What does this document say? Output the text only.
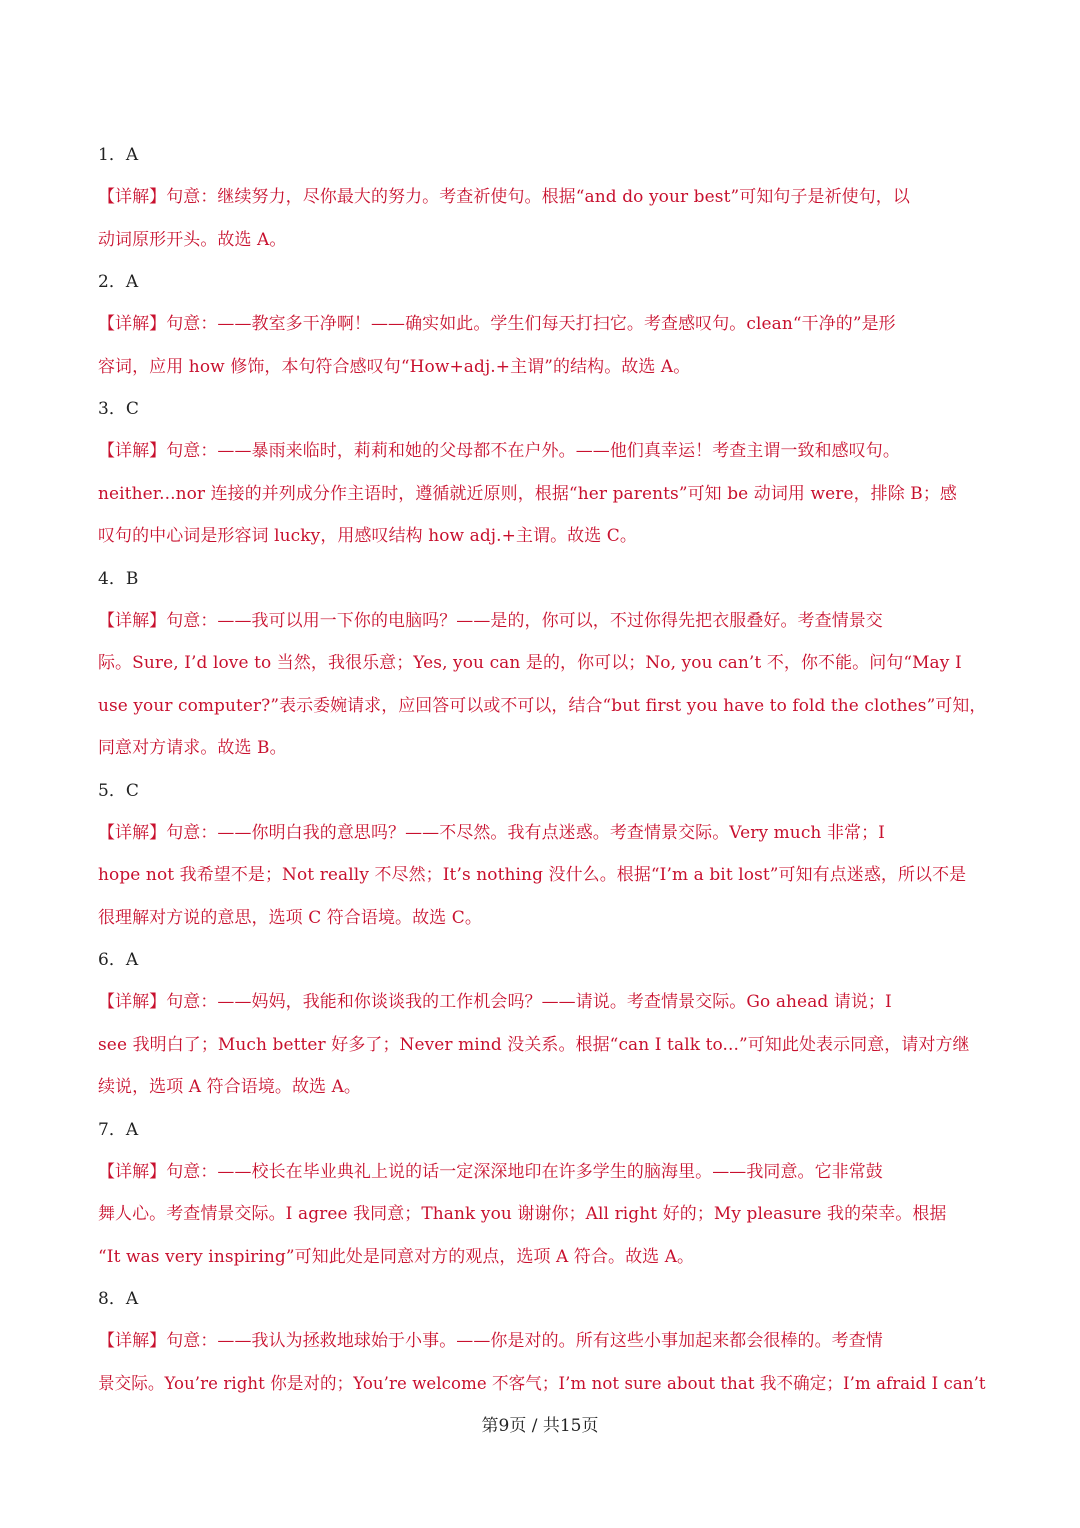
1．A

【详解】句意：继续努力，尽你最大的努力。考查祈使句。根据“and do your best”可知句子是祈使句，以
动词原形开头。故选 A。

2．A

【详解】句意：——教室多干净啊！——确实如此。学生们每天打扫它。考查感叹句。clean“干净的”是形
容词，应用 how 修饰，本句符合感叹句“How+adj.+主谓”的结构。故选 A。

3．C

【详解】句意：——暴雨来临时，莉莉和她的父母都不在户外。——他们真幸运！考查主谓一致和感叹句。
neither...nor 连接的并列成分作主语时，遵循就近原则，根据“her parents”可知 be 动词用 were，排除 B；感
叹句的中心词是形容词 lucky，用感叹结构 how adj.+主谓。故选 C。

4．B

【详解】句意：——我可以用一下你的电脑吗？——是的，你可以，不过你得先把衣服叠好。考查情景交
际。Sure, I’d love to 当然，我很乐意；Yes, you can 是的，你可以；No, you can’t 不，你不能。问句“May I
use your computer?”表示委婉请求，应回答可以或不可以，结合“but first you have to fold the clothes”可知，
同意对方请求。故选 B。

5．C

【详解】句意：——你明白我的意思吗？——不尽然。我有点迷惑。考查情景交际。Very much 非常；I
hope not 我希望不是；Not really 不尽然；It’s nothing 没什么。根据“I’m a bit lost”可知有点迷惑，所以不是
很理解对方说的意思，选项 C 符合语境。故选 C。

6．A

【详解】句意：——妈妈，我能和你谈谈我的工作机会吗？——请说。考查情景交际。Go ahead 请说；I
see 我明白了；Much better 好多了；Never mind 没关系。根据“can I talk to...”可知此处表示同意，请对方继
续说，选项 A 符合语境。故选 A。

7．A

【详解】句意：——校长在毕业典礼上说的话一定深深地印在许多学生的脑海里。——我同意。它非常鼓
舞人心。考查情景交际。I agree 我同意；Thank you 谢谢你；All right 好的；My pleasure 我的荣幸。根据
“It was very inspiring”可知此处是同意对方的观点，选项 A 符合。故选 A。

8．A

【详解】句意：——我认为拯救地球始于小事。——你是对的。所有这些小事加起来都会很棒的。考查情
景交际。You’re right 你是对的；You’re welcome 不客气；I’m not sure about that 我不确定；I’m afraid I can’t

第9页 / 共15页
